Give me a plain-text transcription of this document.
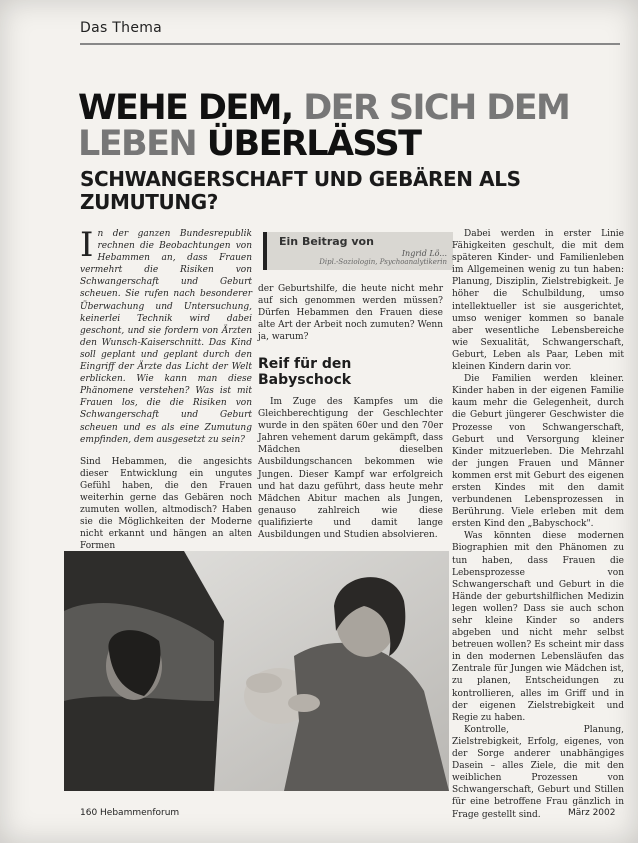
Das Thema
WEHE DEM, DER SICH DEM
LEBEN ÜBERLÄSST
SCHWANGERSCHAFT UND GEBÄREN ALS ZUMUTUNG?

In der ganzen Bundesrepublik rechnen die Beobachtungen von Hebammen an, dass Frauen vermehrt die Risiken von Schwangerschaft und Geburt scheuen. Sie rufen nach besonderer Überwachung und Untersuchung, keinerlei Technik wird dabei geschont, und sie fordern von Ärzten den Wunsch-Kaiserschnitt. Das Kind soll geplant und geplant durch den Eingriff der Ärzte das Licht der Welt erblicken. Wie kann man diese Phänomene verstehen? Was ist mit Frauen los, die die Risiken von Schwangerschaft und Geburt scheuen und es als eine Zumutung empfinden, dem ausgesetzt zu sein?

Sind Hebammen, die angesichts dieser Entwicklung ein ungutes Gefühl haben, die den Frauen weiterhin gerne das Gebären noch zumuten wollen, altmodisch? Haben sie die Möglichkeiten der Moderne nicht erkannt und hängen an alten Formen

Ein Beitrag von
Ingrid Lö...
Dipl.-Soziologin, Psychoanalytikerin

der Geburtshilfe, die heute nicht mehr auf sich genommen werden müssen? Dürfen Hebammen den Frauen diese alte Art der Arbeit noch zumuten? Wenn ja, warum?

Reif für den Babyschock

Im Zuge des Kampfes um die Gleichberechtigung der Geschlechter wurde in den späten 60er und den 70er Jahren vehement darum gekämpft, dass Mädchen dieselben Ausbildungschancen bekommen wie Jungen. Dieser Kampf war erfolgreich und hat dazu geführt, dass heute mehr Mädchen Abitur machen als Jungen, genauso zahlreich wie diese qualifizierte und damit lange Ausbildungen und Studien absolvieren.

Dabei werden in erster Linie Fähigkeiten geschult, die mit dem späteren Kinder- und Familienleben im Allgemeinen wenig zu tun haben: Planung, Disziplin, Zielstrebigkeit. Je höher die Schulbildung, umso intellektueller ist sie ausgerichtet, umso weniger kommen so banale aber wesentliche Lebensbereiche wie Sexualität, Schwangerschaft, Geburt, Leben als Paar, Leben mit kleinen Kindern darin vor.

Die Familien werden kleiner. Kinder haben in der eigenen Familie kaum mehr die Gelegenheit, durch die Geburt jüngerer Geschwister die Prozesse von Schwangerschaft, Geburt und Versorgung kleiner Kinder mitzuerleben. Die Mehrzahl der jungen Frauen und Männer kommen erst mit Geburt des eigenen ersten Kindes mit den damit verbundenen Lebensprozessen in Berührung. Viele erleben mit dem ersten Kind den „Babyschock".

Was könnten diese modernen Biographien mit den Phänomen zu tun haben, dass Frauen die Lebensprozesse von Schwangerschaft und Geburt in die Hände der geburtshilflichen Medizin legen wollen? Dass sie auch schon sehr kleine Kinder so anders abgeben und nicht mehr selbst betreuen wollen? Es scheint mir dass in den modernen Lebensläufen das Zentrale für Jungen wie Mädchen ist, zu planen, Entscheidungen zu kontrollieren, alles im Griff und in der eigenen Zielstrebigkeit und Regie zu haben.

Kontrolle, Planung, Zielstrebigkeit, Erfolg, eigenes, von der Sorge anderer unabhängiges Dasein – alles Ziele, die mit den weiblichen Prozessen von Schwangerschaft, Geburt und Stillen für eine betroffene Frau gänzlich in Frage gestellt sind.

160 Hebammenforum	März 2002
